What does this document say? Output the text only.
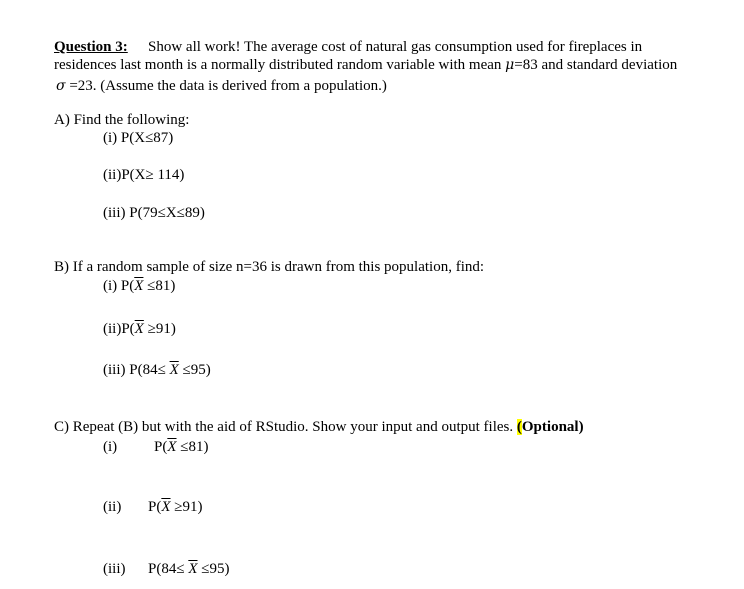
Question 3: Show all work! The average cost of natural gas consumption used for fireplaces in
residences last month is a normally distributed random variable with mean μ=83 and standard deviation
σ =23. (Assume the data is derived from a population.)
A) Find the following:
(i) P(X≤87)
(ii)P(X≥ 114)
(iii) P(79≤X≤89)
B) If a random sample of size n=36 is drawn from this population, find:
(i) $P(\overline{X} \le 81)$
$(ii)P(\overline{X} \ge 91)$
(iii) $P(84\le \overline{X} \le 95)$
C) Repeat (B) but with the aid of RStudio. Show your input and output files. (Optional)
(i) $P(\overline{X} \le 81)$
(ii) $P(\overline{X} \ge 91)$
(iii) $P(84\le \overline{X} \le 95)$
